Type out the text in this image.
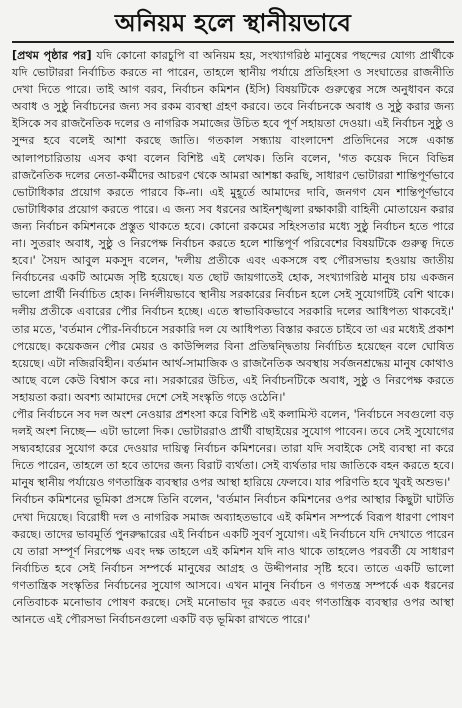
অনিয়ম হলে স্থানীয়ভাবে

[প্রথম পৃষ্ঠার পর] যদি কোনো কারচুপি বা অনিয়ম হয়, সংখ্যাগরিষ্ঠ মানুষের পছন্দের যোগ্য প্রার্থীকে যদি ভোটাররা নির্বাচিত করতে না পারেন, তাহলে স্থানীয় পর্যায়ে প্রতিহিংসা ও সংঘাতের রাজনীতি দেখা দিতে পারে। তাই আগ বরব, নির্বাচন কমিশন (ইসি) বিষয়টিকে গুরুত্বের সঙ্গে অনুধাবন করে অবাধ ও সুষ্ঠু নির্বাচনের জন্য সব রকম ব্যবস্থা গ্রহণ করবে। তবে নির্বাচনকে অবাধ ও সুষ্ঠু করার জন্য ইসিকে সব রাজনৈতিক দলের ও নাগরিক সমাজের উচিত হবে পূর্ণ সহায়তা দেওয়া। এই নির্বাচন সুষ্ঠু ও সুন্দর হবে বলেই আশা করছে জাতি। গতকাল সন্ধ্যায় বাংলাদেশ প্রতিদিনের সঙ্গে একান্ত আলাপচারিতায় এসব কথা বলেন বিশিষ্ট এই লেখক। তিনি বলেন, 'গত কয়েক দিনে বিভিন্ন রাজনৈতিক দলের নেতা-কর্মীদের আচরণ থেকে আমরা আশঙ্কা করছি, সাধারণ ভোটাররা শান্তিপূর্ণভাবে ভোটাধিকার প্রয়োগ করতে পারবে কি-না। এই মুহূর্তে আমাদের দাবি, জনগণ যেন শান্তিপূর্ণভাবে ভোটাধিকার প্রয়োগ করতে পারে। এ জন্য সব ধরনের আইনশৃঙ্খলা রক্ষাকারী বাহিনী মোতায়েন করার জন্য নির্বাচন কমিশনকে প্রস্তুত থাকতে হবে। কোনো রকমের সহিংসতার মধ্যে সুষ্ঠু নির্বাচন হতে পারে না। সুতরাং অবাধ, সুষ্ঠু ও নিরপেক্ষ নির্বাচন করতে হলে শান্তিপূর্ণ পরিবেশের বিষয়টিকে গুরুত্ব দিতে হবে।' সৈয়দ আবুল মকসুদ বলেন, 'দলীয় প্রতীকে এবং একসঙ্গে বহু পৌরসভায় হওয়ায় জাতীয় নির্বাচনের একটি আমেজ সৃষ্টি হয়েছে। যত ছোট জায়গাতেই হোক, সংখ্যাগরিষ্ঠ মানুষ চায় একজন ভালো প্রার্থী নির্বাচিত হোক। নির্দলীয়ভাবে স্থানীয় সরকারের নির্বাচন হলে সেই সুযোগটিই বেশি থাকে। দলীয় প্রতীকে এবারের পৌর নির্বাচন হচ্ছে। এতে স্বাভাবিকভাবে সরকারি দলের আধিপত্য থাকবেই।' তার মতে, 'বর্তমান পৌর-নির্বাচনে সরকারি দল যে আধিপত্য বিস্তার করতে চাইবে তা এর মধ্যেই প্রকাশ পেয়েছে। কয়েকজন পৌর মেয়র ও কাউন্সিলর বিনা প্রতিদ্বন্দ্বিতায় নির্বাচিত হয়েছেন বলে ঘোষিত হয়েছে। এটা নজিরবিহীন। বর্তমান আর্থ-সামাজিক ও রাজনৈতিক অবস্থায় সর্বজনশ্রদ্ধেয় মানুষ কোথাও আছে বলে কেউ বিশ্বাস করে না। সরকারের উচিত, এই নির্বাচনটিকে অবাধ, সুষ্ঠু ও নিরপেক্ষ করতে সহায়তা করা। অবশ্য আমাদের দেশে সেই সংস্কৃতি গড়ে ওঠেনি।'
পৌর নির্বাচনে সব দল অংশ নেওয়ার প্রশংসা করে বিশিষ্ট এই কলামিস্ট বলেন, 'নির্বাচনে সবগুলো বড় দলই অংশ নিচ্ছে— এটা ভালো দিক। ভোটাররাও প্রার্থী বাছাইয়ের সুযোগ পাবেন। তবে সেই সুযোগের সদ্ব্যবহারের সুযোগ করে দেওয়ার দায়িত্ব নির্বাচন কমিশনের। তারা যদি সবাইকে সেই ব্যবস্থা না করে দিতে পারেন, তাহলে তা হবে তাদের জন্য বিরাট ব্যর্থতা। সেই ব্যর্থতার দায় জাতিকে বহন করতে হবে। মানুষ স্থানীয় পর্যায়েও গণতান্ত্রিক ব্যবস্থার ওপর আস্থা হারিয়ে ফেলবে। যার পরিণতি হবে খুবই অশুভ।'
নির্বাচন কমিশনের ভূমিকা প্রসঙ্গে তিনি বলেন, 'বর্তমান নির্বাচন কমিশনের ওপর আস্থার কিছুটা ঘাটতি দেখা দিয়েছে। বিরোধী দল ও নাগরিক সমাজ অব্যাহতভাবে এই কমিশন সম্পর্কে বিরূপ ধারণা পোষণ করছে। তাদের ভাবমূর্তি পুনরুদ্ধারের এই নির্বাচন একটি সুবর্ণ সুযোগ। এই নির্বাচনে যদি দেখাতে পারেন যে তারা সম্পূর্ণ নিরপেক্ষ এবং দক্ষ তাহলে এই কমিশন যদি নাও থাকে তাহলেও পরবর্তী যে সাধারণ নির্বাচিত হবে সেই নির্বাচন সম্পর্কে মানুষের আগ্রহ ও উদ্দীপনার সৃষ্টি হবে। তাতে একটি ভালো গণতান্ত্রিক সংস্কৃতির নির্বাচনের সুযোগ আসবে। এখন মানুষ নির্বাচন ও গণতন্ত্র সম্পর্কে এক ধরনের নেতিবাচক মনোভাব পোষণ করছে। সেই মনোভাব দূর করতে এবং গণতান্ত্রিক ব্যবস্থার ওপর আস্থা আনতে এই পৌরসভা নির্বাচনগুলো একটি বড় ভূমিকা রাখতে পারে।'
